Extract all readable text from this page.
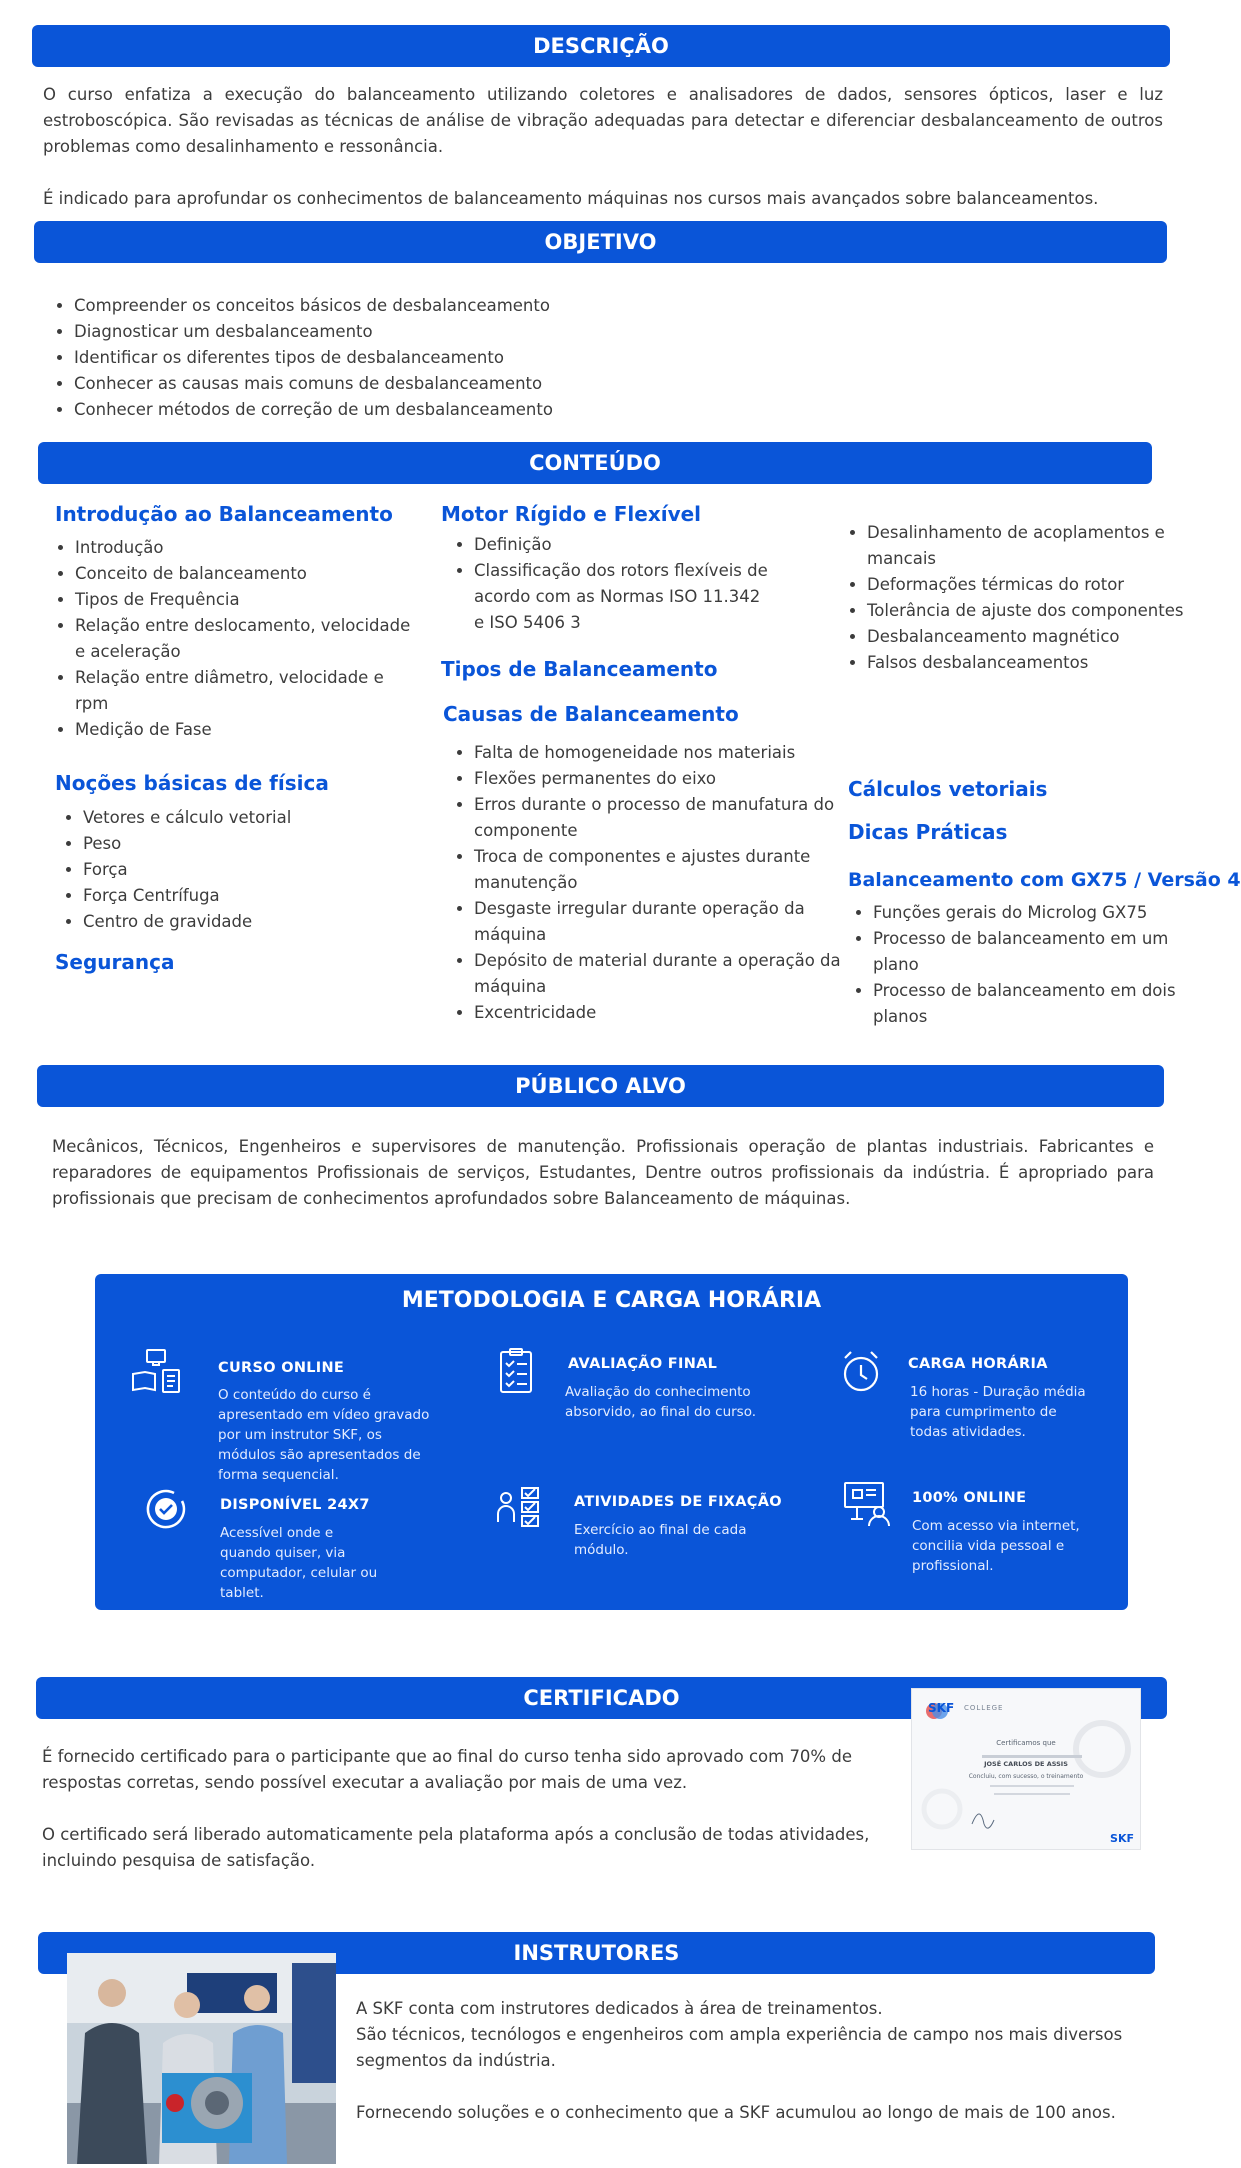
DESCRIÇÃO

O curso enfatiza a execução do balanceamento utilizando coletores e analisadores de dados, sensores ópticos, laser e luz estroboscópica. São revisadas as técnicas de análise de vibração adequadas para detectar e diferenciar desbalanceamento de outros problemas como desalinhamento e ressonância.

É indicado para aprofundar os conhecimentos de balanceamento máquinas nos cursos mais avançados sobre balanceamentos.

OBJETIVO
• Compreender os conceitos básicos de desbalanceamento
• Diagnosticar um desbalanceamento
• Identificar os diferentes tipos de desbalanceamento
• Conhecer as causas mais comuns de desbalanceamento
• Conhecer métodos de correção de um desbalanceamento
CONTEÚDO
Introdução ao Balanceamento
• Introdução
• Conceito de balanceamento
• Tipos de Frequência
• Relação entre deslocamento, velocidade e aceleração
• Relação entre diâmetro, velocidade e rpm
• Medição de Fase
Noções básicas de física
• Vetores e cálculo vetorial
• Peso
• Força
• Força Centrífuga
• Centro de gravidade
Segurança
Motor Rígido e Flexível
• Definição
• Classificação dos rotors flexíveis de acordo com as Normas ISO 11.342 e ISO 5406 3
Tipos de Balanceamento
Causas de Balanceamento
• Falta de homogeneidade nos materiais
• Flexões permanentes do eixo
• Erros durante o processo de manufatura do componente
• Troca de componentes e ajustes durante manutenção
• Desgaste irregular durante operação da máquina
• Depósito de material durante a operação da máquina
• Excentricidade
• Desalinhamento de acoplamentos e mancais
• Deformações térmicas do rotor
• Tolerância de ajuste dos componentes
• Desbalanceamento magnético
• Falsos desbalanceamentos
Cálculos vetoriais
Dicas Práticas
Balanceamento com GX75 / Versão 4
• Funções gerais do Microlog GX75
• Processo de balanceamento em um plano
• Processo de balanceamento em dois planos
PÚBLICO ALVO

Mecânicos, Técnicos, Engenheiros e supervisores de manutenção. Profissionais operação de plantas industriais. Fabricantes e reparadores de equipamentos Profissionais de serviços, Estudantes, Dentre outros profissionais da indústria. É apropriado para profissionais que precisam de conhecimentos aprofundados sobre Balanceamento de máquinas.

METODOLOGIA E CARGA HORÁRIA
CURSO ONLINE
O conteúdo do curso é apresentado em vídeo gravado por um instrutor SKF, os módulos são apresentados de forma sequencial.
AVALIAÇÃO FINAL
Avaliação do conhecimento absorvido, ao final do curso.
CARGA HORÁRIA
16 horas - Duração média para cumprimento de todas atividades.
DISPONÍVEL 24X7
Acessível onde e quando quiser, via computador, celular ou tablet.
ATIVIDADES DE FIXAÇÃO
Exercício ao final de cada módulo.
100% ONLINE
Com acesso via internet, concilia vida pessoal e profissional.
CERTIFICADO	SKF COLLEGE
Certificamos que
JOSÉ CARLOS DE ASSIS
Concluiu, com sucesso, o treinamento
SKF

É fornecido certificado para o participante que ao final do curso tenha sido aprovado com 70% de respostas corretas, sendo possível executar a avaliação por mais de uma vez.

O certificado será liberado automaticamente pela plataforma após a conclusão de todas atividades, incluindo pesquisa de satisfação.

INSTRUTORES

A SKF conta com instrutores dedicados à área de treinamentos.

São técnicos, tecnólogos e engenheiros com ampla experiência de campo nos mais diversos segmentos da indústria.

Fornecendo soluções e o conhecimento que a SKF acumulou ao longo de mais de 100 anos.
